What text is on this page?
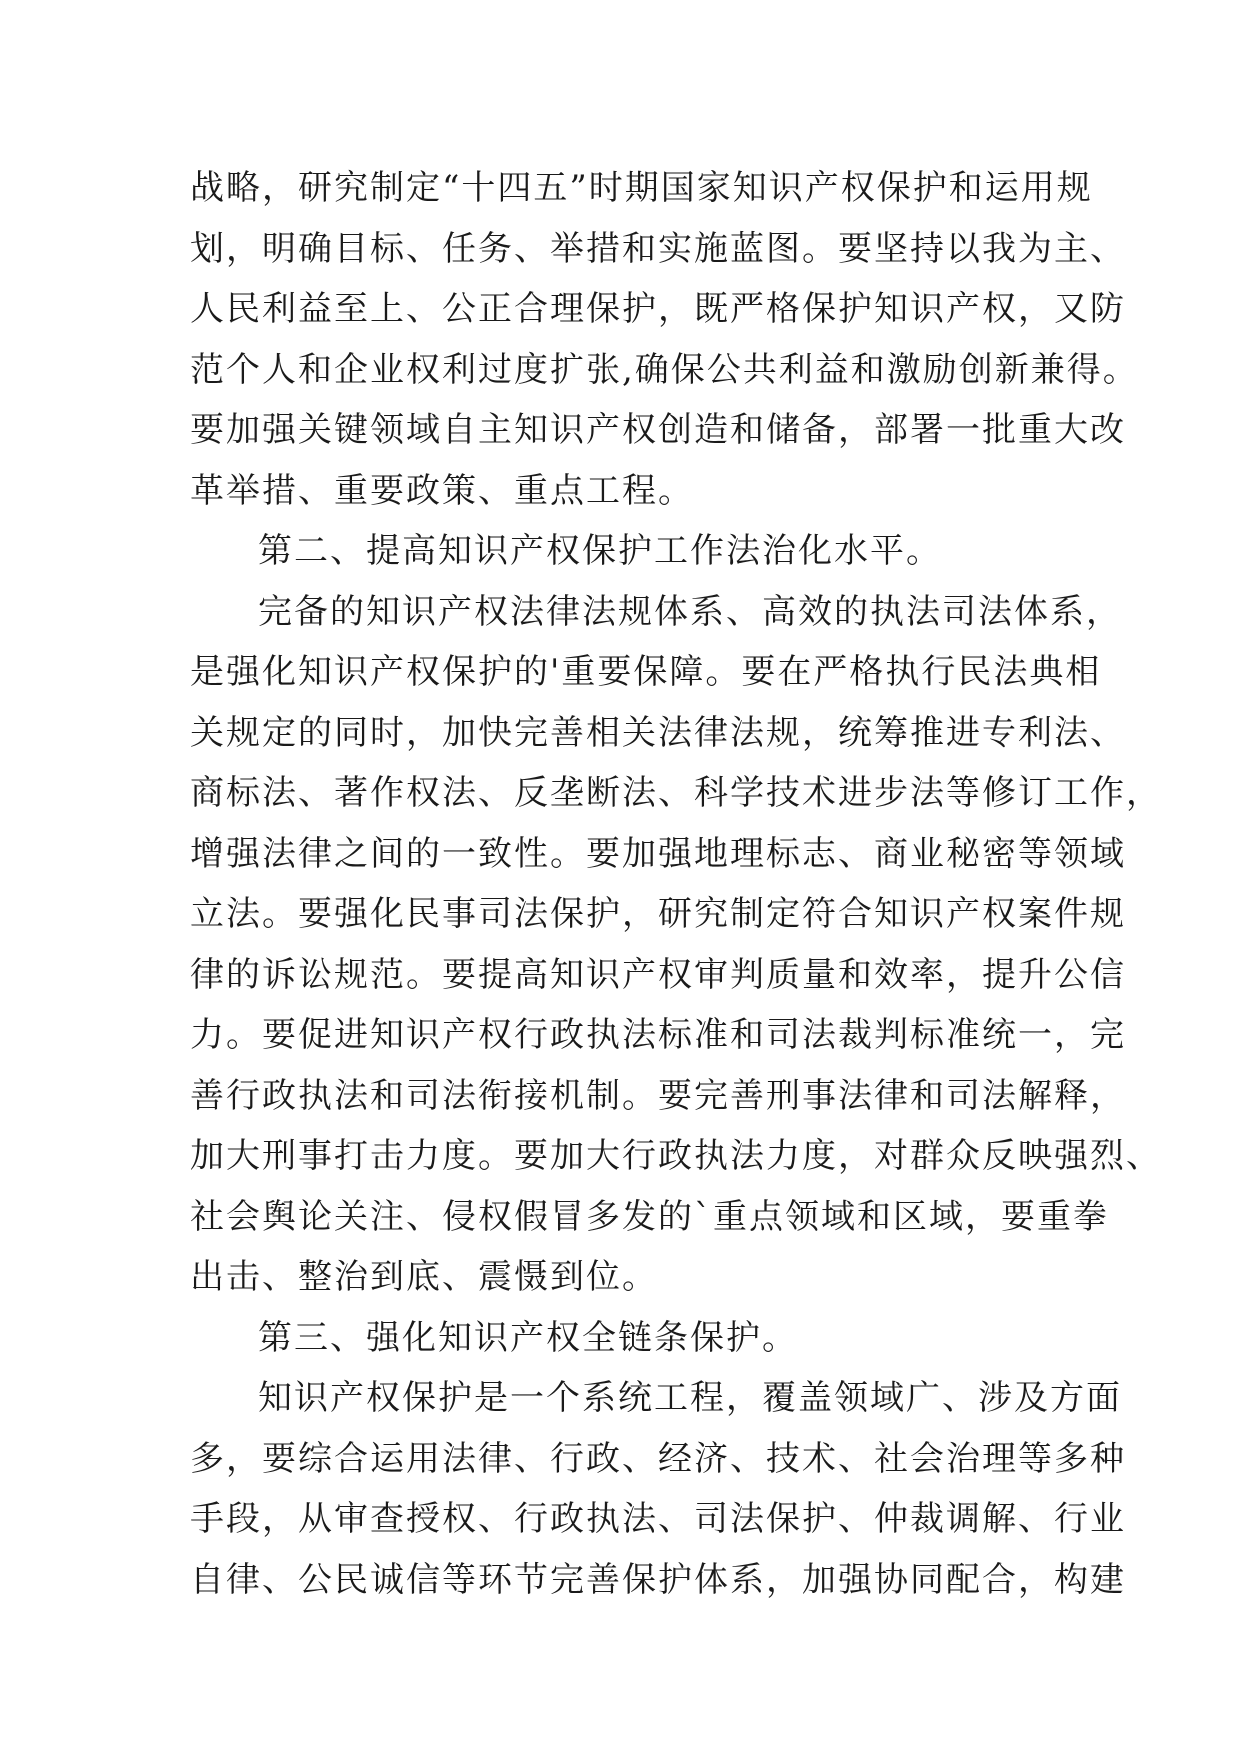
战略，研究制定“十四五”时期国家知识产权保护和运用规
划，明确目标、任务、举措和实施蓝图。要坚持以我为主、
人民利益至上、公正合理保护，既严格保护知识产权，又防
范个人和企业权利过度扩张,确保公共利益和激励创新兼得。
要加强关键领域自主知识产权创造和储备，部署一批重大改
革举措、重要政策、重点工程。
第二、提高知识产权保护工作法治化水平。
完备的知识产权法律法规体系、高效的执法司法体系，
是强化知识产权保护的'重要保障。要在严格执行民法典相
关规定的同时，加快完善相关法律法规，统筹推进专利法、
商标法、著作权法、反垄断法、科学技术进步法等修订工作，
增强法律之间的一致性。要加强地理标志、商业秘密等领域
立法。要强化民事司法保护，研究制定符合知识产权案件规
律的诉讼规范。要提高知识产权审判质量和效率，提升公信
力。要促进知识产权行政执法标准和司法裁判标准统一，完
善行政执法和司法衔接机制。要完善刑事法律和司法解释，
加大刑事打击力度。要加大行政执法力度，对群众反映强烈、
社会舆论关注、侵权假冒多发的`重点领域和区域，要重拳
出击、整治到底、震慑到位。
第三、强化知识产权全链条保护。
知识产权保护是一个系统工程，覆盖领域广、涉及方面
多，要综合运用法律、行政、经济、技术、社会治理等多种
手段，从审查授权、行政执法、司法保护、仲裁调解、行业
自律、公民诚信等环节完善保护体系，加强协同配合，构建
